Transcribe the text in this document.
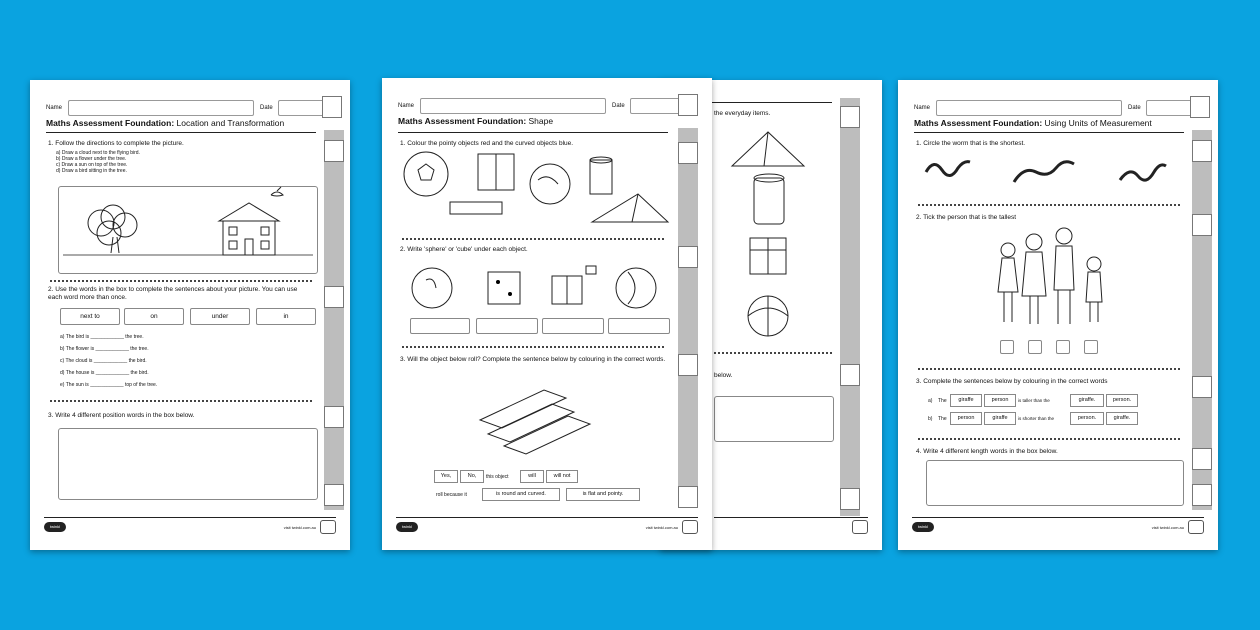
Name	Date
Maths Assessment Foundation: Location and Transformation
1. Follow the directions to complete the picture.
a) Draw a cloud next to the flying bird.
b) Draw a flower under the tree.
c) Draw a sun on top of the tree.
d) Draw a bird sitting in the tree.
2. Use the words in the box to complete the sentences about your picture. You can use each word more than once.
next to	on	under	in
a) The bird is ____________ the tree.
b) The flower is ____________ the tree.
c) The cloud is ____________ the bird.
d) The house is ____________ the bird.
e) The sun is ____________ top of the tree.
3. Write 4 different position words in the box below.
twinkl	visit twinkl.com.au
the everyday items.
below.
Name	Date
Maths Assessment Foundation: Shape
1. Colour the pointy objects red and the curved objects blue.
2. Write 'sphere' or 'cube' under each object.
3. Will the object below roll? Complete the sentence below by colouring in the correct words.
Yes,	No,	this object	will	will not
roll because it	is round and curved.	is flat and pointy.
twinkl	visit twinkl.com.au
Name	Date
Maths Assessment Foundation: Using Units of Measurement
1. Circle the worm that is the shortest.
2. Tick the person that is the tallest
3. Complete the sentences below by colouring in the correct words
a) The	giraffe	person	is taller than the	giraffe.	person.
b) The	person	giraffe	is shorter than the	person.	giraffe.
4. Write 4 different length words in the box below.
twinkl	visit twinkl.com.au
